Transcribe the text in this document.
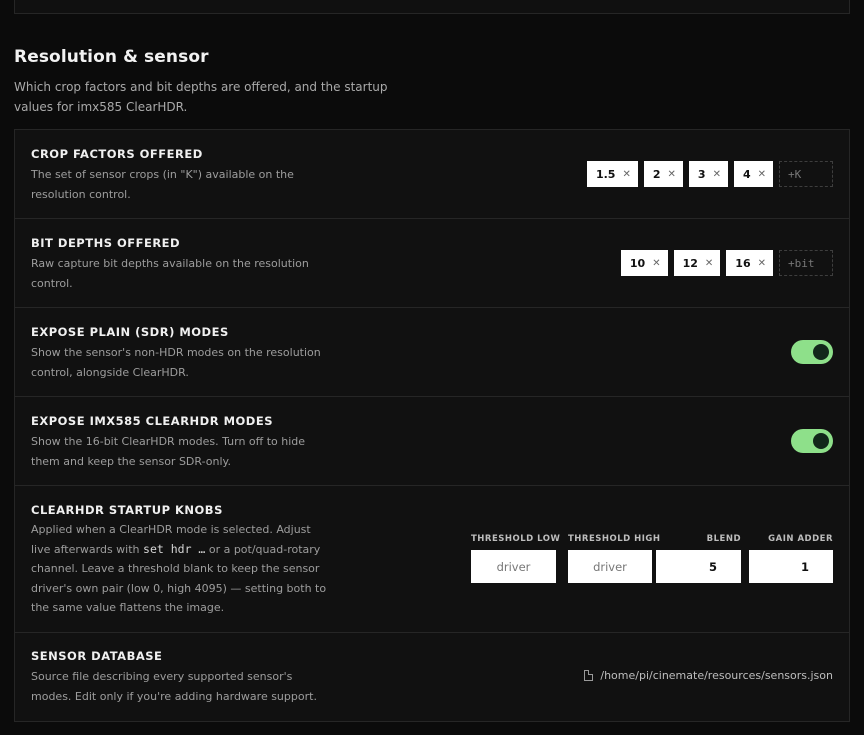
Resolution & sensor

Which crop factors and bit depths are offered, and the startup values for imx585 ClearHDR.

CROP FACTORS OFFERED
The set of sensor crops (in "K") available on the resolution control.
1.5 ✕ 2 ✕ 3 ✕ 4 ✕	+K
BIT DEPTHS OFFERED
Raw capture bit depths available on the resolution control.
10 ✕ 12 ✕ 16 ✕	+bit
EXPOSE PLAIN (SDR) MODES
Show the sensor's non-HDR modes on the resolution control, alongside ClearHDR.
EXPOSE IMX585 CLEARHDR MODES
Show the 16-bit ClearHDR modes. Turn off to hide them and keep the sensor SDR-only.
CLEARHDR STARTUP KNOBS
Applied when a ClearHDR mode is selected. Adjust live afterwards with set hdr … or a pot/quad-rotary channel. Leave a threshold blank to keep the sensor driver's own pair (low 0, high 4095) — setting both to the same value flattens the image.
THRESHOLD LOW
driver
THRESHOLD HIGH
driver
BLEND
5
GAIN ADDER
1
SENSOR DATABASE
Source file describing every supported sensor's modes. Edit only if you're adding hardware support.
/home/pi/cinemate/resources/sensors.json
